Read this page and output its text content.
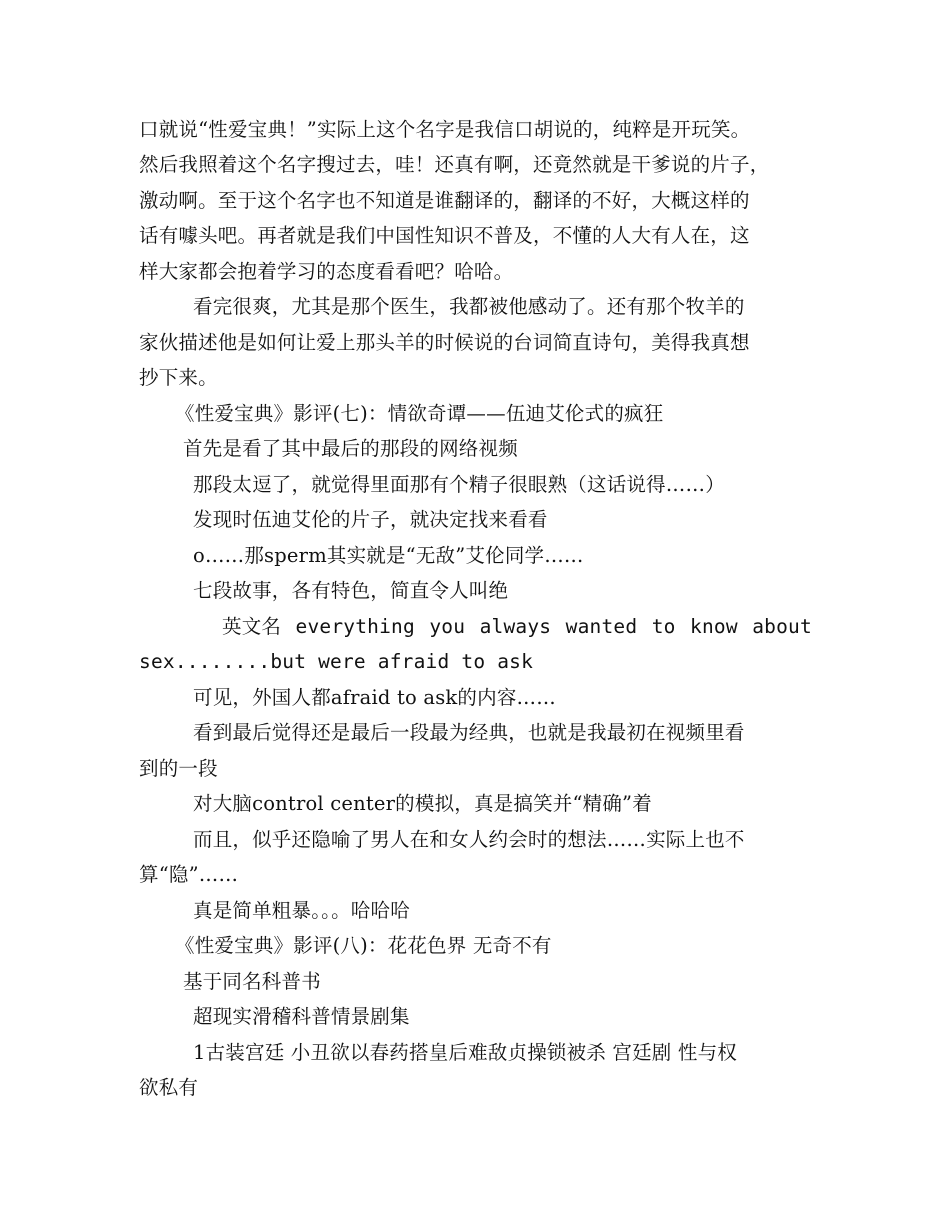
口就说“性爱宝典！”实际上这个名字是我信口胡说的，纯粹是开玩笑。

然后我照着这个名字搜过去，哇！还真有啊，还竟然就是干爹说的片子，

激动啊。至于这个名字也不知道是谁翻译的，翻译的不好，大概这样的

话有噱头吧。再者就是我们中国性知识不普及，不懂的人大有人在，这

样大家都会抱着学习的态度看看吧？哈哈。

看完很爽，尤其是那个医生，我都被他感动了。还有那个牧羊的

家伙描述他是如何让爱上那头羊的时候说的台词简直诗句，美得我真想

抄下来。

《性爱宝典》影评(七)：情欲奇谭——伍迪艾伦式的疯狂

首先是看了其中最后的那段的网络视频

那段太逗了，就觉得里面那有个精子很眼熟（这话说得……）

发现时伍迪艾伦的片子，就决定找来看看

o……那sperm其实就是“无敌”艾伦同学……

七段故事，各有特色，简直令人叫绝

英文名 everything you always wanted to know about

sex........but were afraid to ask

可见，外国人都afraid to ask的内容……

看到最后觉得还是最后一段最为经典，也就是我最初在视频里看

到的一段

对大脑control center的模拟，真是搞笑并“精确”着

而且，似乎还隐喻了男人在和女人约会时的想法……实际上也不

算“隐”……

真是简单粗暴。。。哈哈哈

《性爱宝典》影评(八)：花花色界 无奇不有

基于同名科普书

超现实滑稽科普情景剧集

1古装宫廷 小丑欲以春药搭皇后难敌贞操锁被杀 宫廷剧 性与权

欲私有
